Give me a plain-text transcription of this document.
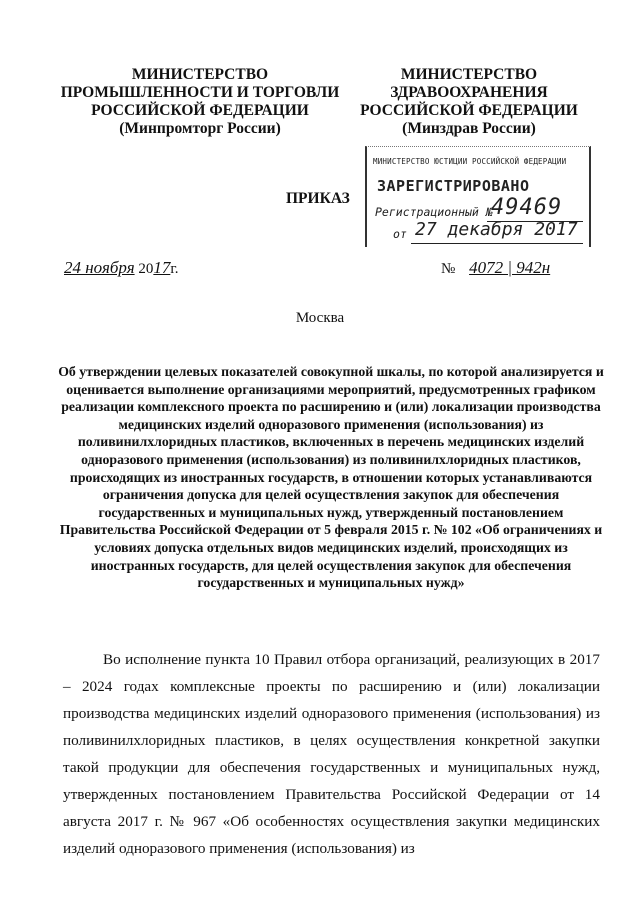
МИНИСТЕРСТВО
ПРОМЫШЛЕННОСТИ И ТОРГОВЛИ
РОССИЙСКОЙ ФЕДЕРАЦИИ
(Минпромторг России)
МИНИСТЕРСТВО
ЗДРАВООХРАНЕНИЯ
РОССИЙСКОЙ ФЕДЕРАЦИИ
(Минздрав России)
МИНИСТЕРСТВО ЮСТИЦИИ РОССИЙСКОЙ ФЕДЕРАЦИИ
ЗАРЕГИСТРИРОВАНО
Регистрационный №
49469
от 27 декабря 2017
ПРИКАЗ
24 ноября 2017г.	№ 4072 | 942н
Москва
Об утверждении целевых показателей совокупной шкалы, по которой анализируется и оценивается выполнение организациями мероприятий, предусмотренных графиком реализации комплексного проекта по расширению и (или) локализации производства медицинских изделий одноразового применения (использования) из поливинилхлоридных пластиков, включенных в перечень медицинских изделий одноразового применения (использования) из поливинилхлоридных пластиков, происходящих из иностранных государств, в отношении которых устанавливаются ограничения допуска для целей осуществления закупок для обеспечения государственных и муниципальных нужд, утвержденный постановлением Правительства Российской Федерации от 5 февраля 2015 г. № 102 «Об ограничениях и условиях допуска отдельных видов медицинских изделий, происходящих из иностранных государств, для целей осуществления закупок для обеспечения государственных и муниципальных нужд»
Во исполнение пункта 10 Правил отбора организаций, реализующих в 2017 – 2024 годах комплексные проекты по расширению и (или) локализации производства медицинских изделий одноразового применения (использования) из поливинилхлоридных пластиков, в целях осуществления конкретной закупки такой продукции для обеспечения государственных и муниципальных нужд, утвержденных постановлением Правительства Российской Федерации от 14 августа 2017 г. № 967 «Об особенностях осуществления закупки медицинских изделий одноразового применения (использования) из
